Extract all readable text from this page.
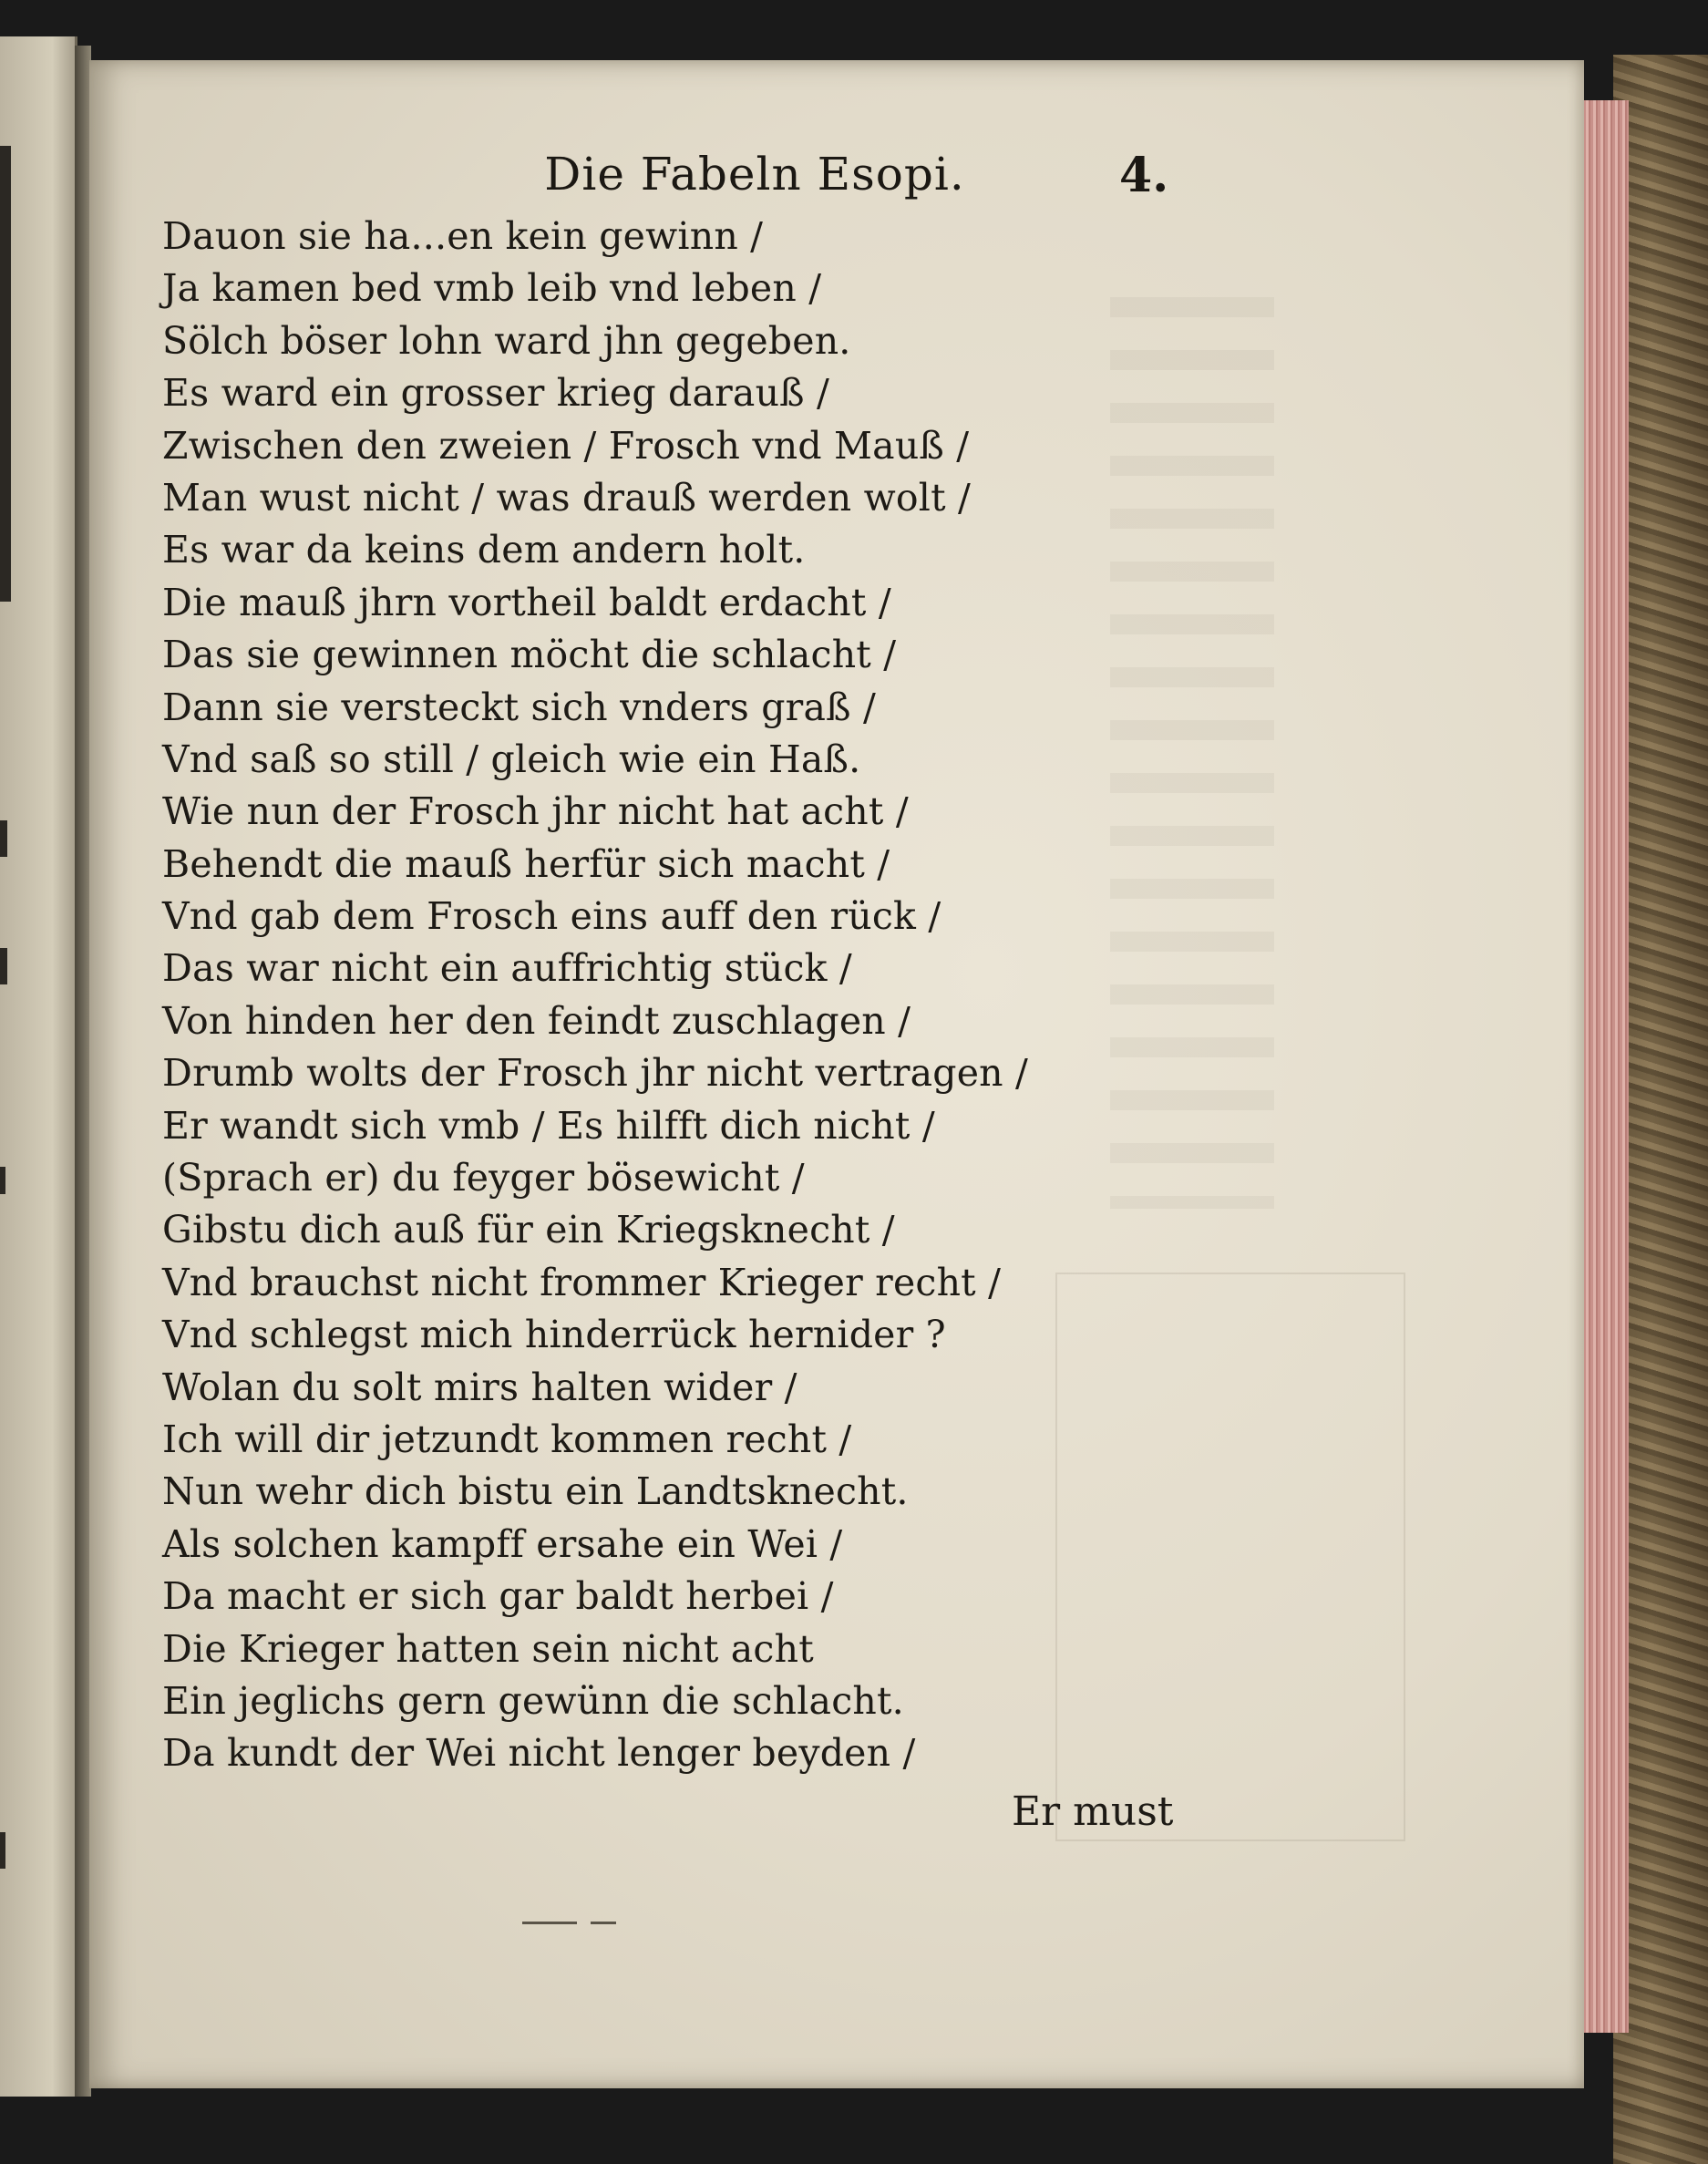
Die Fabeln Esopi.	4.
Dauon sie ha...en kein gewinn /
Ja kamen bed vmb leib vnd leben /
Sölch böser lohn ward jhn gegeben.
Es ward ein grosser krieg darauß /
Zwischen den zweien / Frosch vnd Mauß /
Man wust nicht / was drauß werden wolt /
Es war da keins dem andern holt.
Die mauß jhrn vortheil baldt erdacht /
Das sie gewinnen möcht die schlacht /
Dann sie versteckt sich vnders graß /
Vnd saß so still / gleich wie ein Haß.
Wie nun der Frosch jhr nicht hat acht /
Behendt die mauß herfür sich macht /
Vnd gab dem Frosch eins auff den rück /
Das war nicht ein auffrichtig stück /
Von hinden her den feindt zuschlagen /
Drumb wolts der Frosch jhr nicht vertragen /
Er wandt sich vmb / Es hilfft dich nicht /
(Sprach er) du feyger bösewicht /
Gibstu dich auß für ein Kriegsknecht /
Vnd brauchst nicht frommer Krieger recht /
Vnd schlegst mich hinderrück hernider ?
Wolan du solt mirs halten wider /
Ich will dir jetzundt kommen recht /
Nun wehr dich bistu ein Landtsknecht.
Als solchen kampff ersahe ein Wei /
Da macht er sich gar baldt herbei /
Die Krieger hatten sein nicht acht
Ein jeglichs gern gewünn die schlacht.
Da kundt der Wei nicht lenger beyden /
Er must
